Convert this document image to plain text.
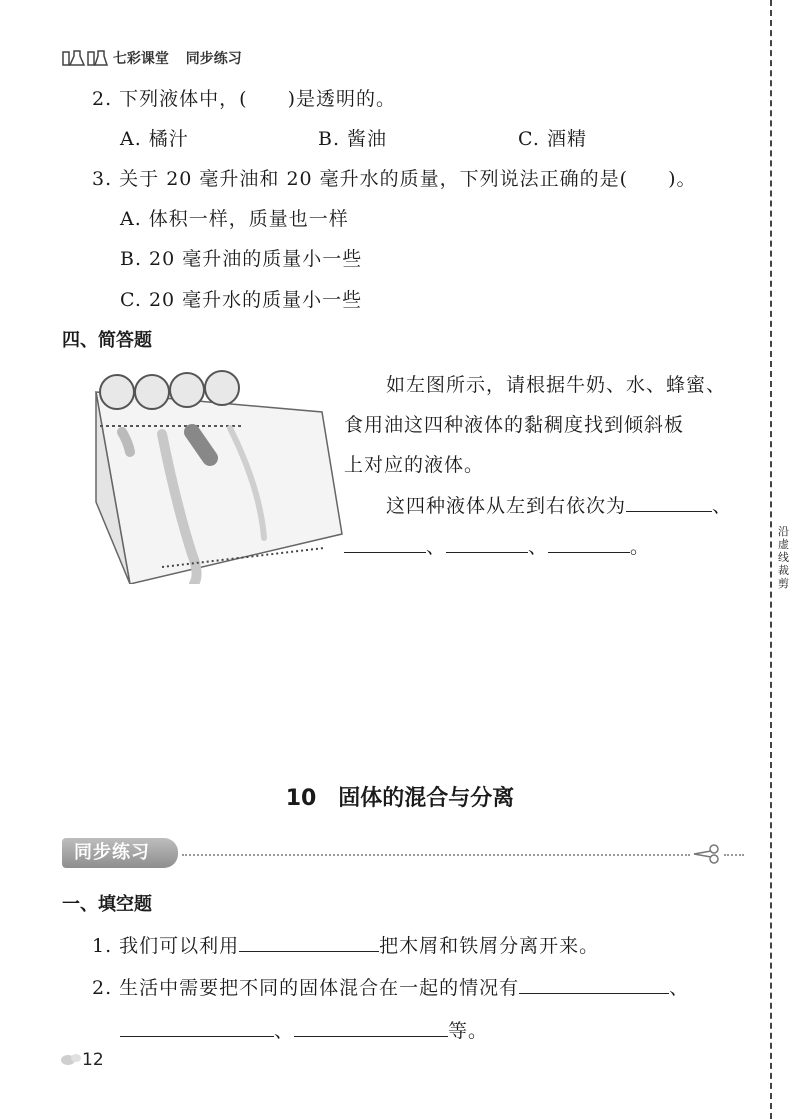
七彩课堂 同步练习
2. 下列液体中，(　　)是透明的。
A. 橘汁	B. 酱油	C. 酒精
3. 关于 20 毫升油和 20 毫升水的质量，下列说法正确的是(　　)。
A. 体积一样，质量也一样
B. 20 毫升油的质量小一些
C. 20 毫升水的质量小一些
四、简答题
如左图所示，请根据牛奶、水、蜂蜜、
食用油这四种液体的黏稠度找到倾斜板
上对应的液体。
这四种液体从左到右依次为	、
、	、	。
10　固体的混合与分离
同步练习
一、填空题
1. 我们可以利用	把木屑和铁屑分离开来。
2. 生活中需要把不同的固体混合在一起的情况有	、
、	等。
12
沿虚线裁剪
